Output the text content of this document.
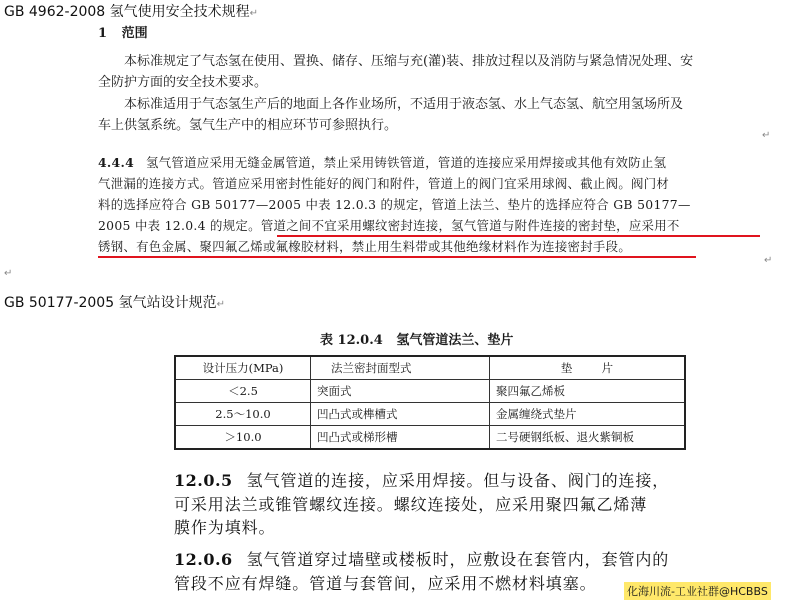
GB 4962-2008 氢气使用安全技术规程↵
1 范围
本标准规定了气态氢在使用、置换、储存、压缩与充(灌)装、排放过程以及消防与紧急情况处理、安
全防护方面的安全技术要求。
本标准适用于气态氢生产后的地面上各作业场所，不适用于液态氢、水上气态氢、航空用氢场所及
车上供氢系统。氢气生产中的相应环节可参照执行。
↵
4.4.4 氢气管道应采用无缝金属管道，禁止采用铸铁管道，管道的连接应采用焊接或其他有效防止氢
气泄漏的连接方式。管道应采用密封性能好的阀门和附件，管道上的阀门宜采用球阀、截止阀。阀门材
料的选择应符合 GB 50177—2005 中表 12.0.3 的规定，管道上法兰、垫片的选择应符合 GB 50177—
2005 中表 12.0.4 的规定。管道之间不宜采用螺纹密封连接，氢气管道与附件连接的密封垫，应采用不
锈钢、有色金属、聚四氟乙烯或氟橡胶材料，禁止用生料带或其他绝缘材料作为连接密封手段。
↵
↵
GB 50177-2005 氢气站设计规范↵
表 12.0.4   氢气管道法兰、垫片
设计压力(MPa)	法兰密封面型式	垫        片
＜2.5	突面式	聚四氟乙烯板
2.5～10.0	凹凸式或榫槽式	金属缠绕式垫片
＞10.0	凹凸式或梯形槽	二号硬钢纸板、退火紫铜板
12.0.5 氢气管道的连接，应采用焊接。但与设备、阀门的连接，
可采用法兰或锥管螺纹连接。螺纹连接处，应采用聚四氟乙烯薄
膜作为填料。
12.0.6 氢气管道穿过墙壁或楼板时，应敷设在套管内，套管内的
管段不应有焊缝。管道与套管间，应采用不燃材料填塞。	化海川流-工业社群@HCBBS
